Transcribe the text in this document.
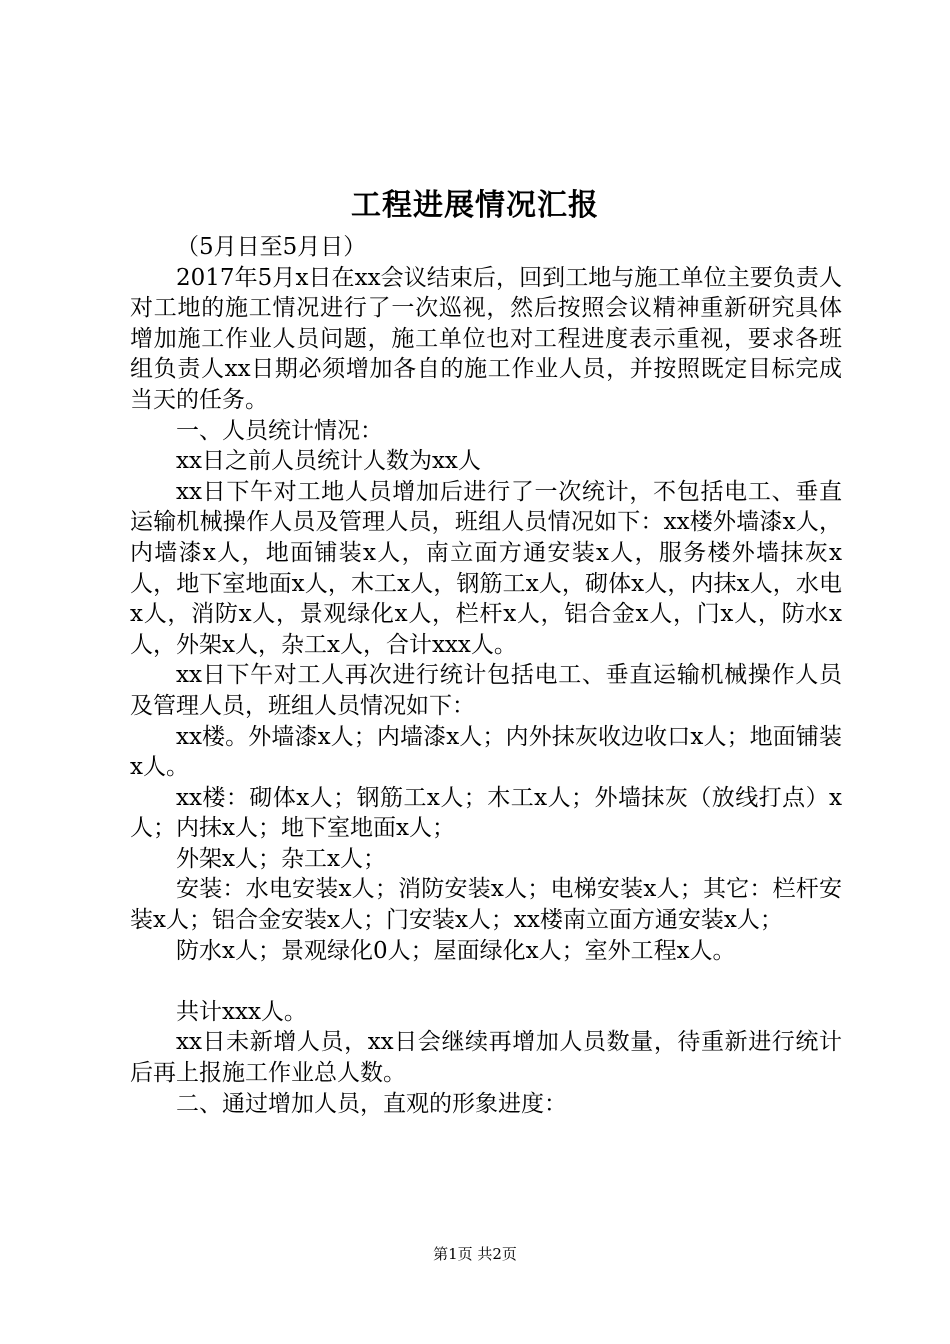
工程进展情况汇报

（5月日至5月日）

2017年5月x日在xx会议结束后，回到工地与施工单位主要负责人对工地的施工情况进行了一次巡视，然后按照会议精神重新研究具体增加施工作业人员问题，施工单位也对工程进度表示重视，要求各班组负责人xx日期必须增加各自的施工作业人员，并按照既定目标完成当天的任务。

一、人员统计情况：

xx日之前人员统计人数为xx人

xx日下午对工地人员增加后进行了一次统计，不包括电工、垂直运输机械操作人员及管理人员，班组人员情况如下：xx楼外墙漆x人，内墙漆x人，地面铺装x人，南立面方通安装x人，服务楼外墙抹灰x人，地下室地面x人，木工x人，钢筋工x人，砌体x人，内抹x人，水电x人，消防x人，景观绿化x人，栏杆x人，铝合金x人，门x人，防水x人，外架x人，杂工x人，合计xxx人。

xx日下午对工人再次进行统计包括电工、垂直运输机械操作人员及管理人员，班组人员情况如下：

xx楼。外墙漆x人；内墙漆x人；内外抹灰收边收口x人；地面铺装x人。

xx楼：砌体x人；钢筋工x人；木工x人；外墙抹灰（放线打点）x人；内抹x人；地下室地面x人；

外架x人；杂工x人；

安装：水电安装x人；消防安装x人；电梯安装x人；其它：栏杆安装x人；铝合金安装x人；门安装x人；xx楼南立面方通安装x人；

防水x人；景观绿化0人；屋面绿化x人；室外工程x人。

共计xxx人。

xx日未新增人员，xx日会继续再增加人员数量，待重新进行统计后再上报施工作业总人数。

二、通过增加人员，直观的形象进度：

第1页 共2页
